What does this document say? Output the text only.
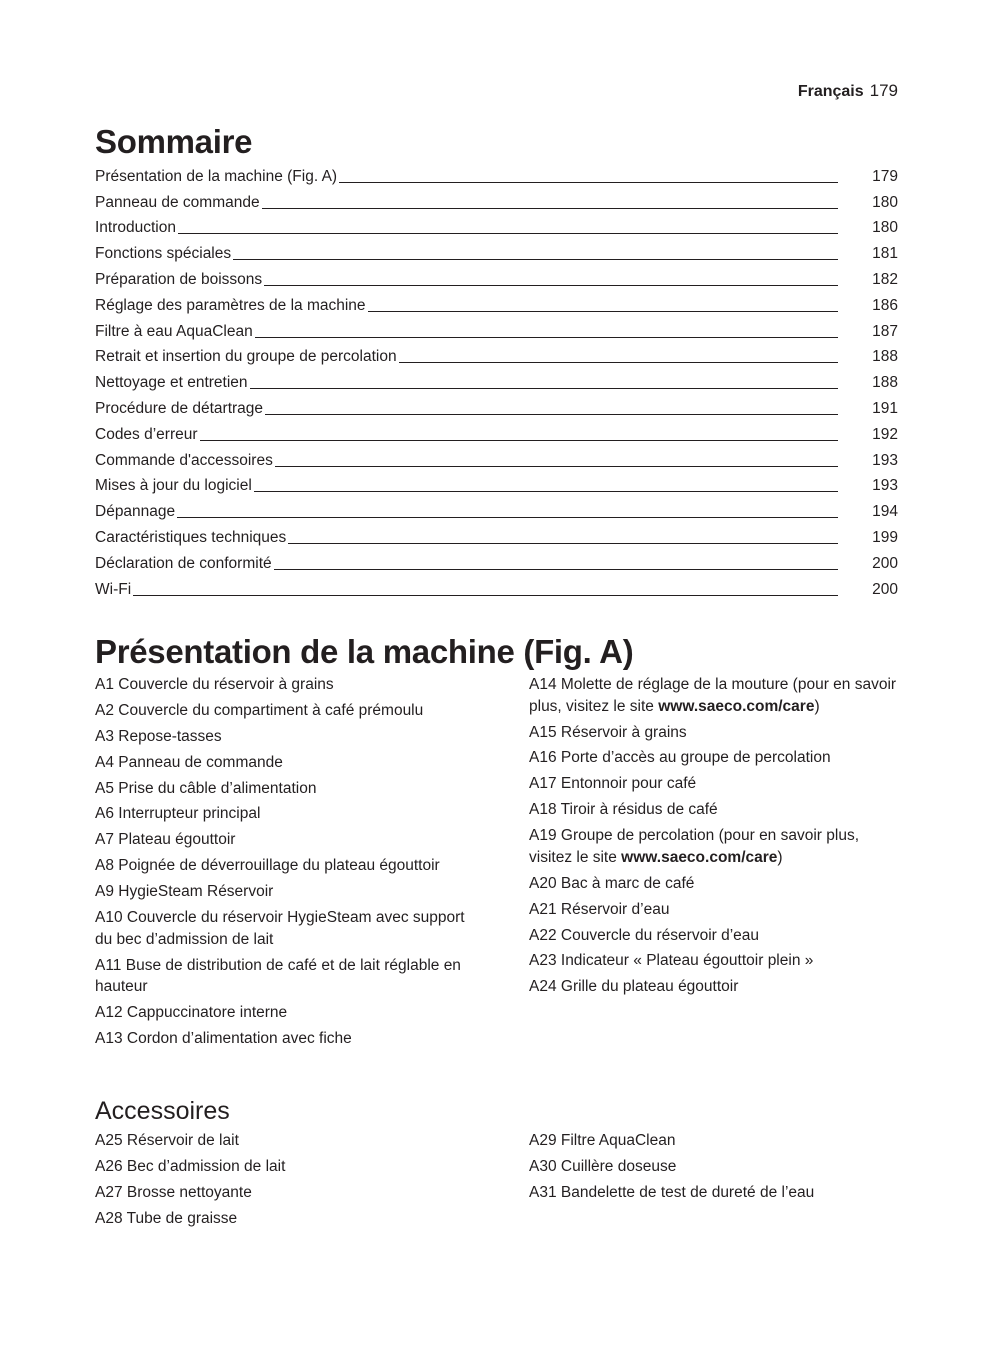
Français 179
Sommaire
Présentation de la machine (Fig. A)	179
Panneau de commande	180
Introduction	180
Fonctions spéciales	181
Préparation de boissons	182
Réglage des paramètres de la machine	186
Filtre à eau AquaClean	187
Retrait et insertion du groupe de percolation	188
Nettoyage et entretien	188
Procédure de détartrage	191
Codes d’erreur	192
Commande d'accessoires	193
Mises à jour du logiciel	193
Dépannage	194
Caractéristiques techniques	199
Déclaration de conformité	200
Wi-Fi	200
Présentation de la machine (Fig. A)
A1 Couvercle du réservoir à grains
A2 Couvercle du compartiment à café prémoulu
A3 Repose-tasses
A4 Panneau de commande
A5 Prise du câble d’alimentation
A6 Interrupteur principal
A7 Plateau égouttoir
A8 Poignée de déverrouillage du plateau égouttoir
A9 HygieSteam Réservoir
A10 Couvercle du réservoir HygieSteam avec support du bec d’admission de lait
A11 Buse de distribution de café et de lait réglable en hauteur
A12 Cappuccinatore interne
A13 Cordon d’alimentation avec fiche
A14 Molette de réglage de la mouture (pour en savoir plus, visitez le site www.saeco.com/care)
A15 Réservoir à grains
A16 Porte d’accès au groupe de percolation
A17 Entonnoir pour café
A18 Tiroir à résidus de café
A19 Groupe de percolation (pour en savoir plus, visitez le site www.saeco.com/care)
A20 Bac à marc de café
A21 Réservoir d’eau
A22 Couvercle du réservoir d’eau
A23 Indicateur « Plateau égouttoir plein »
A24 Grille du plateau égouttoir
Accessoires
A25 Réservoir de lait
A26 Bec d’admission de lait
A27 Brosse nettoyante
A28 Tube de graisse
A29 Filtre AquaClean
A30 Cuillère doseuse
A31 Bandelette de test de dureté de l’eau
